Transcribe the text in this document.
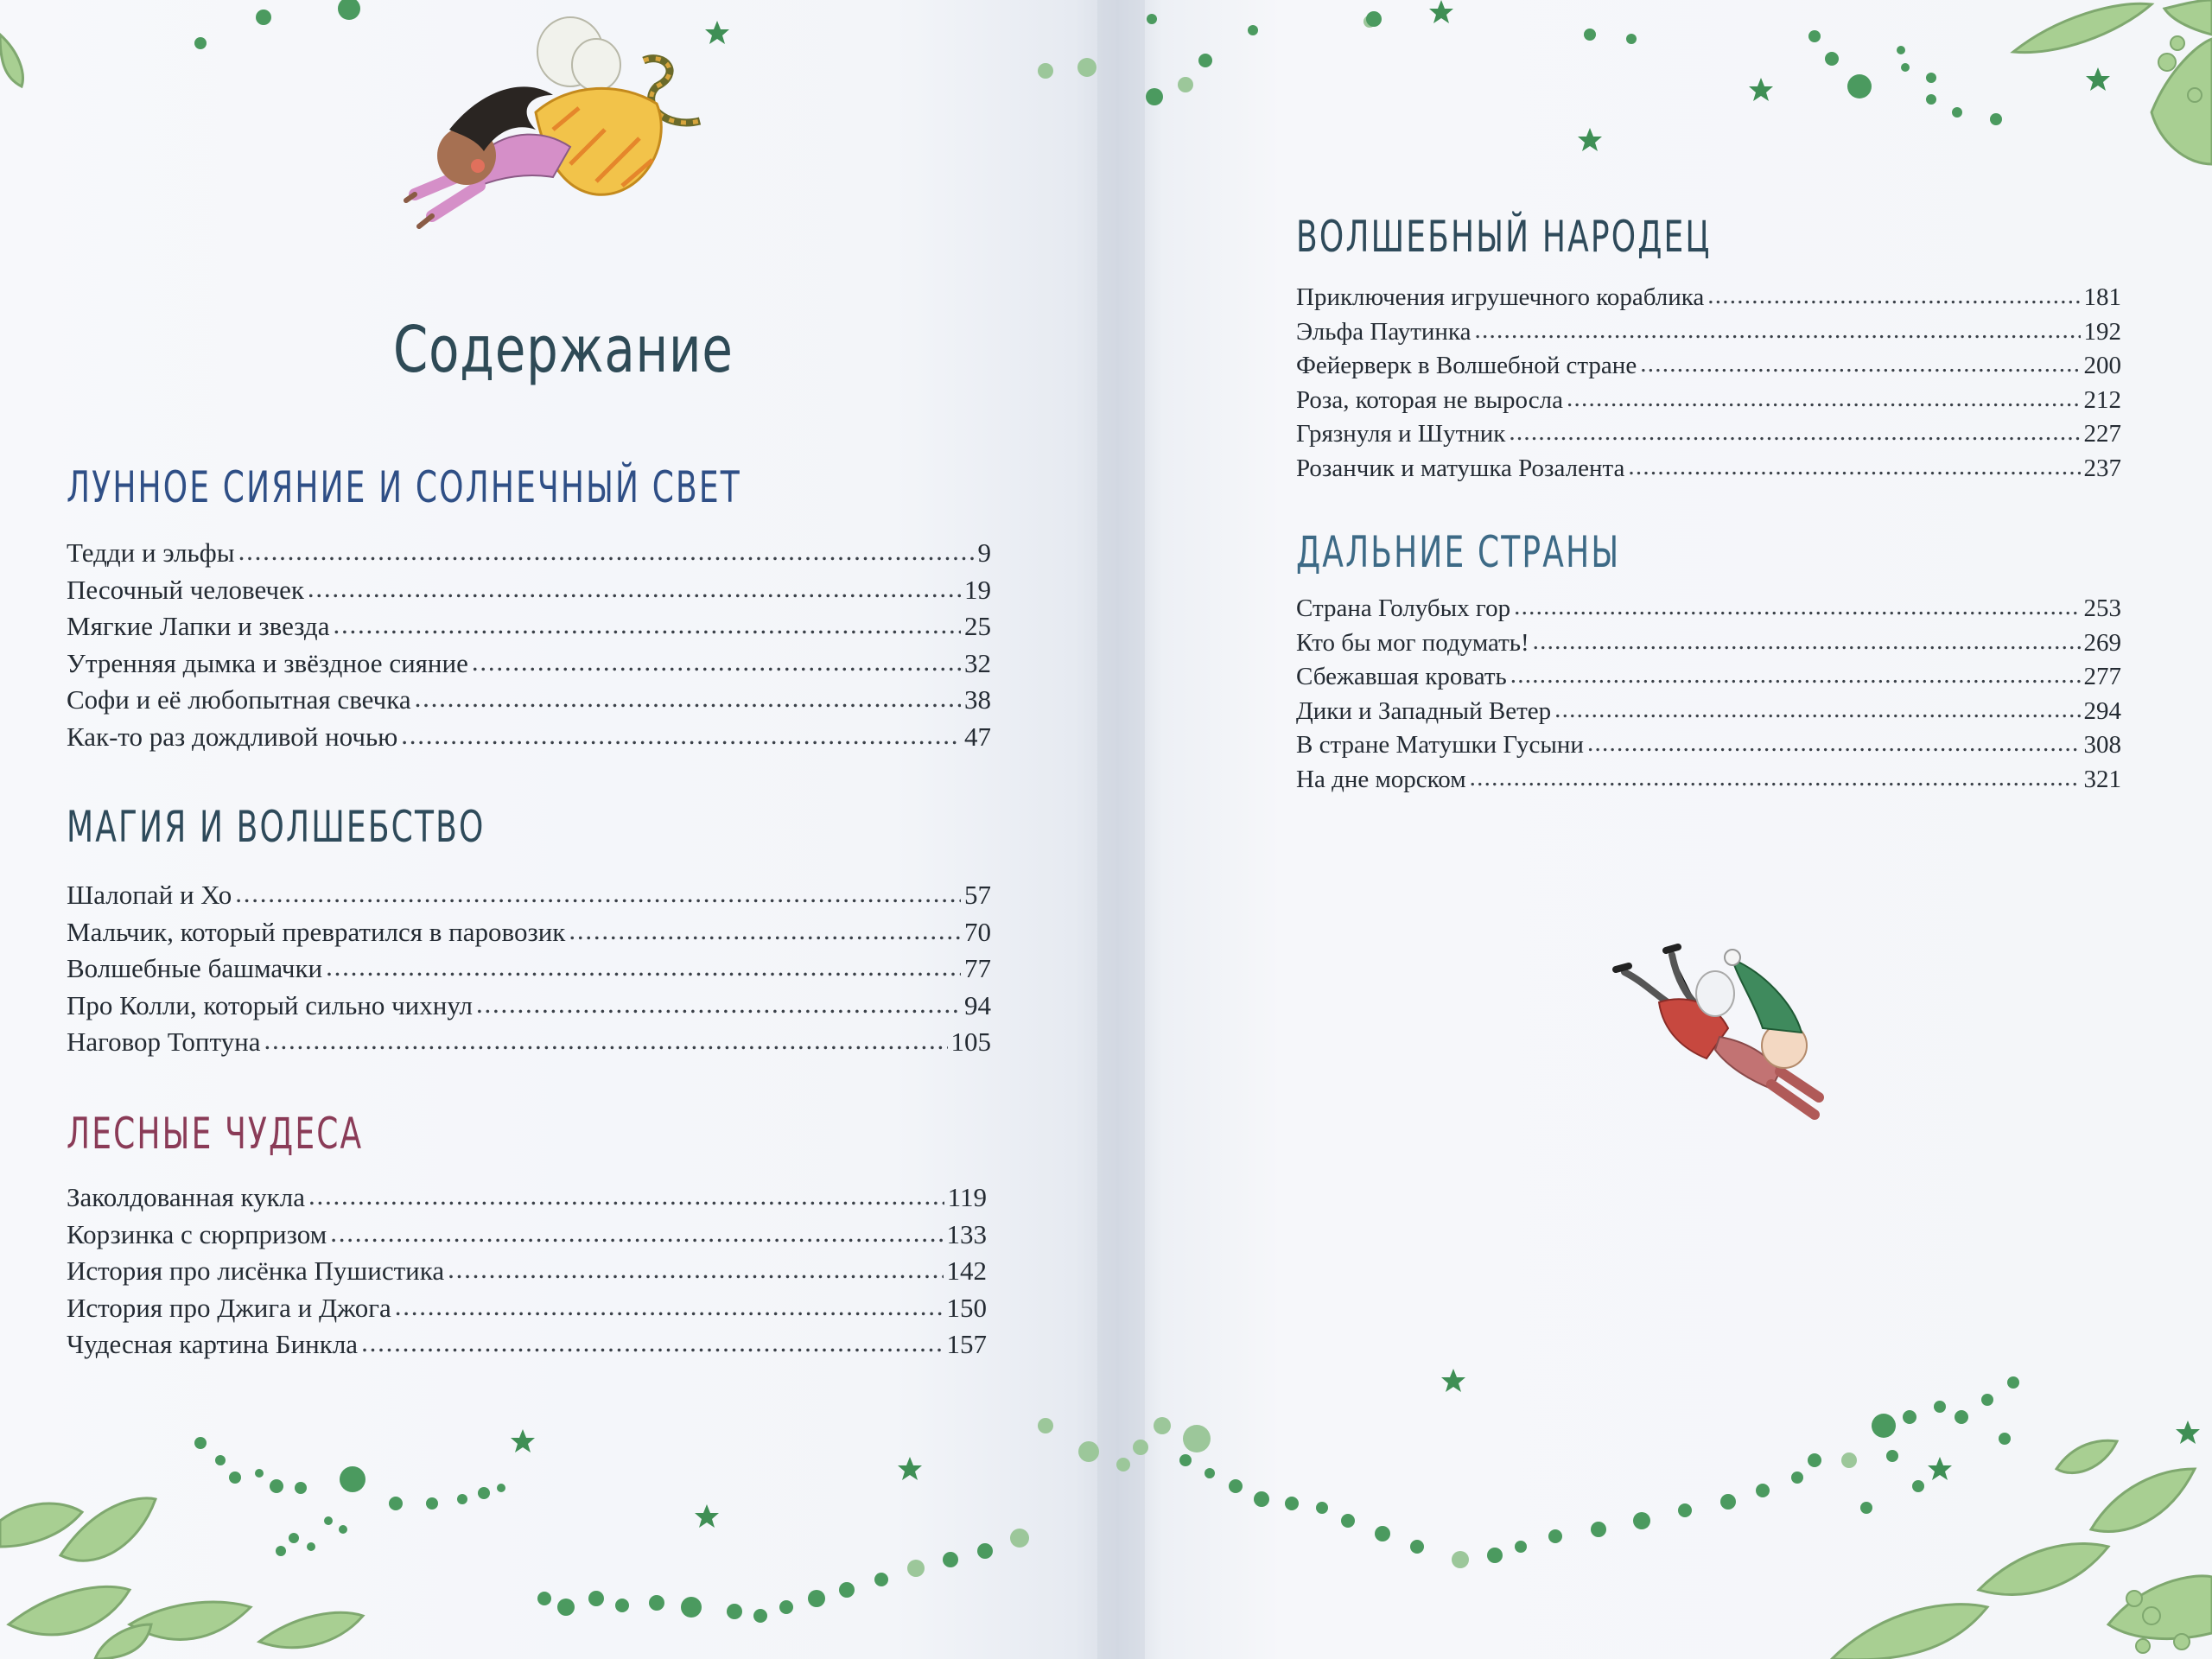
Содержание
ЛУННОЕ СИЯНИЕ И СОЛНЕЧНЫЙ СВЕТ
Тедди и эльфы . . .	9
Песочный человечек . . .	19
Мягкие Лапки и звезда . . .	25
Утренняя дымка и звёздное сияние . . .	32
Софи и её любопытная свечка . . .	38
Как-то раз дождливой ночью . . .	47
МАГИЯ И ВОЛШЕБСТВО
Шалопай и Хо . . .	57
Мальчик, который превратился в паровозик . . .	70
Волшебные башмачки . . .	77
Про Колли, который сильно чихнул . . .	94
Наговор Топтуна . . .	105
ЛЕСНЫЕ ЧУДЕСА
Заколдованная кукла . . .	119
Корзинка с сюрпризом . . .	133
История про лисёнка Пушистика . . .	142
История про Джига и Джога . . .	150
Чудесная картина Бинкла . . .	157
ВОЛШЕБНЫЙ НАРОДЕЦ
Приключения игрушечного кораблика . . .	181
Эльфа Паутинка . . .	192
Фейерверк в Волшебной стране . . .	200
Роза, которая не выросла . . .	212
Грязнуля и Шутник . . .	227
Розанчик и матушка Розалента . . .	237
ДАЛЬНИЕ СТРАНЫ
Страна Голубых гор . . .	253
Кто бы мог подумать! . . .	269
Сбежавшая кровать . . .	277
Дики и Западный Ветер . . .	294
В стране Матушки Гусыни . . .	308
На дне морском . . .	321
